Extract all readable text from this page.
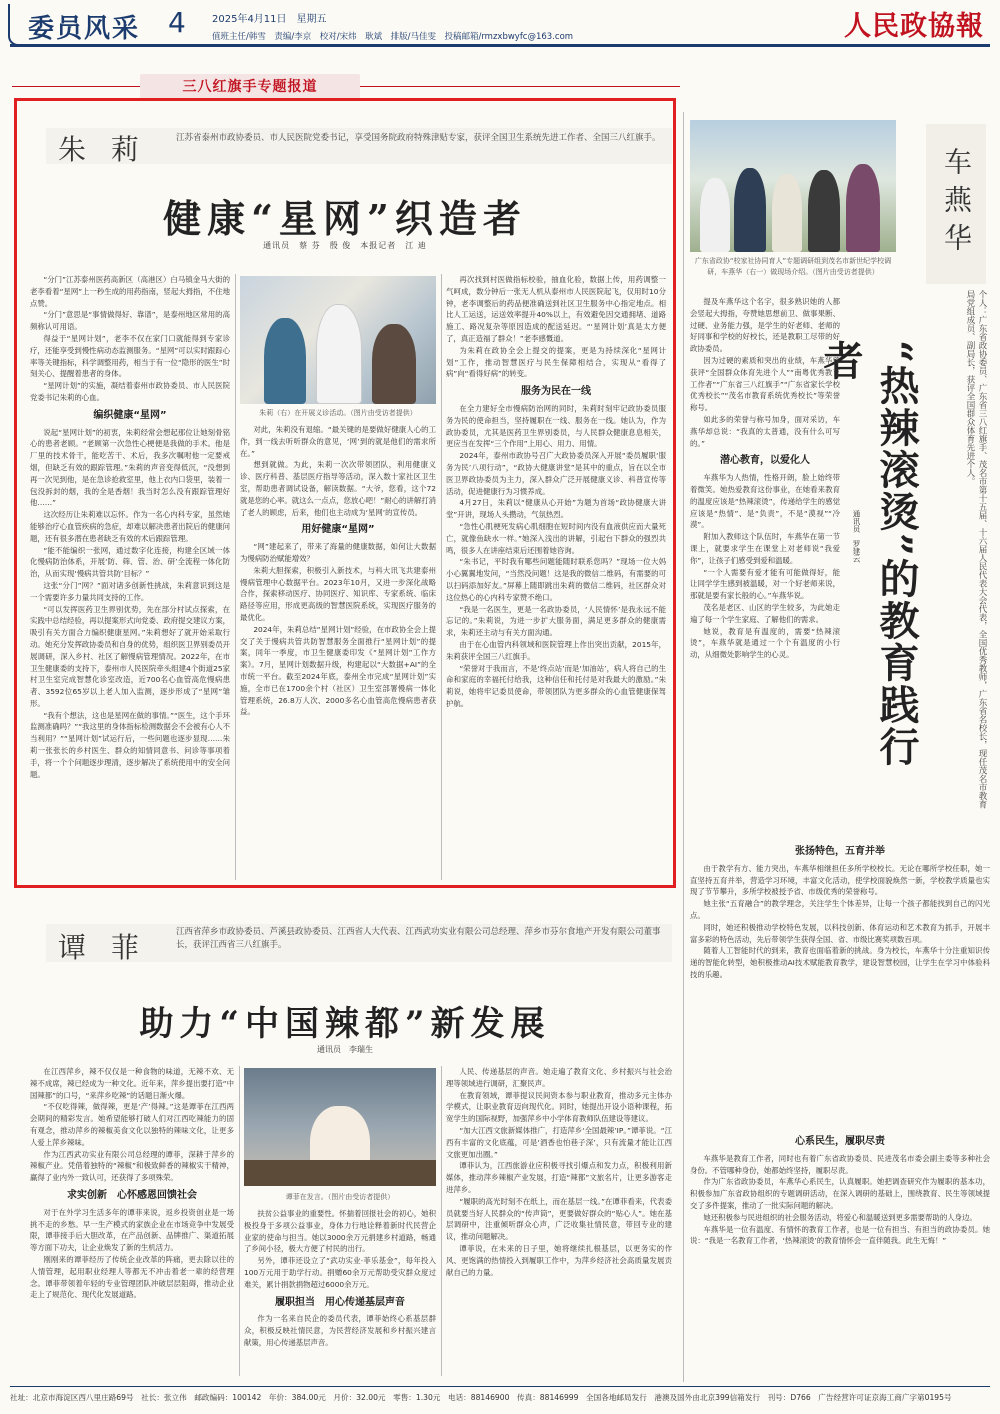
委员风采 4	2025年4月11日　星期五
值班主任/韩雪　责编/李京　校对/宋炜　耿斌　排版/马佳雯　投稿邮箱/rmzxbwyfc@163.com	人民政協報
三八红旗手专题报道
朱 莉	江苏省泰州市政协委员、市人民医院党委书记，享受国务院政府特殊津贴专家，获评全国卫生系统先进工作者、全国三八红旗手。
健康“星网”织造者
通讯员　蔡 芬　殷 俊　本报记者　江 迪

“分门”江苏泰州医药高新区（高港区）白马镇金马大街的老李看着“星网”上一秒生成的用药指南，竖起大拇指，不住地点赞。

“分门”意思是“事情做得好、靠谱”，是泰州地区常用的高频称认可用语。

得益于“星网计划”，老李不仅在家门口就能得到专家诊疗，还能享受到慢性病动态监测服务。“星网”可以实时跟踪心率等关键指标，科学调整用药，相当于有一位“隐形的医生”时刻关心、提醒着患者的身体。

“星网计划”的实施，凝结着泰州市政协委员、市人民医院党委书记朱莉的心血。

编织健康“星网”

说起“星网计划”的初衷，朱莉经常会想起那位让她刻骨铭心的患者老顾。“老顾第一次急性心梗便是我做的手术。他是厂里的技术骨干，能吃苦干、术后，我多次嘱咐他一定要戒烟，但缺乏有效的跟踪管理。”朱莉的声音变得低沉，“没想到再一次见到他，是在急诊抢救室里，他上衣内口袋里，装着一包没拆封的烟，我的全是香烟！我当时怎么没有跟踪管理好他……”

这次经历让朱莉难以忘怀。作为一名心内科专家，虽然她能够治疗心血管疾病的急症，却难以解决患者出院后的健康问题，还有很多潜在患者缺乏有效的术后跟踪管理。

“能不能编织一张网，通过数字化连接，构建全区域一体化慢病防治体系，开展‘防、筛、管、治、研’全流程一体化防治，从而实现‘慢病共管共防’目标？”

这张“分门”网？”面对诸多创新性挑战，朱莉意识到这是一个需要许多力量共同支持的工作。

“可以发挥医药卫生界别优势，先在部分村试点探索，在实践中总结经验，再以提案形式向党委、政府提交建议方案，吸引有关方面合力编织健康星网。”朱莉想好了就开始采取行动。她充分发挥政协委员和自身的优势，组织医卫界别委员开展调研，深入乡村、社区了解慢病管理情况。2022年，在市卫生健康委的支持下，泰州市人民医院牵头组建4个街道25家村卫生室完成智慧化诊室改造，近700名心血管高危慢病患者、3592位65岁以上老人加入监测，逐步形成了“星网”雏形。

“我有个想法，这也是星网在做的事情。”“医生，这个手环监测准确吗？”“我这里的身体指标检测数据会不会被有心人不当利用？”“星网计划”试运行后，一些问题也逐步显现……朱莉一张张长的乡村医生、群众的知情同意书、问诊等事项着手，将一个个问题逐步理清，逐步解决了系统使用中的安全问题。

朱莉（右）在开展义诊活动。（图片由受访者提供）

对此，朱莉没有退缩。“最关键的是要做好健康人心的工作，到一线去听听群众的意见，‘网’到的就是他们的需求所在。”

想到就做。为此，朱莉一次次带领团队，利用健康义诊、医疗科普、基层医疗指导等活动，深入数十家社区卫生室，帮助患者调试设备，解读数据。“大爷，您看，这个72就是您的心率。就这么一点点，您放心吧！”耐心的讲解打消了老人的顾虑，后来，他们也主动成为‘星网’的宣传员。

用好健康“星网”

“网”建起来了，带来了海量的健康数据，如何让大数据为慢病防治赋能增效？

朱莉大胆探索，积极引入新技术，与科大讯飞共建泰州慢病管理中心数据平台。2023年10月，又进一步深化战略合作，探索移动医疗、协同医疗、知识库、专家系统、临床路径等应用，形成更高级的智慧医院系统，实现医疗服务的最优化。

2024年，朱莉总结“星网计划”经验，在市政协全会上提交了关于慢病共管共防智慧服务全面推行“星网计划”的提案，同年一季度，市卫生健康委印发《“星网计划”工作方案》。7月，星网计划数据升级，构建起以“大数据+AI”的全市统一平台。截至2024年底，泰州全市完成“星网计划”实施，全市已在1700余个村（社区）卫生室部署慢病一体化管理系统，26.8万人次、2000多名心血管高危慢病患者获益。

再次找到村医做指标校验，抽血化验，数据上传，用药调整一气呵成，数分钟后一张无人机从泰州市人民医院起飞，仅用时10分钟，老李调整后的药品便准确送到社区卫生服务中心指定地点。相比人工运送，运送效率提升40%以上，有效避免因交通拥堵、道路施工、路况复杂等原因造成的配送延迟。“‘星网计划’真是太方便了，真正造福了群众！”老李感慨道。

为朱莉在政协全会上提交的提案，更是为持续深化“星网计划”工作，推动智慧医疗与民生保障相结合，实现从“看得了病”向“看得好病”的转变。

服务为民在一线

在全力建好全市慢病防治网的同时，朱莉时刻牢记政协委员服务为民的使命担当，坚持履职在一线、服务在一线。她认为，作为政协委员，尤其是医药卫生界别委员，与人民群众健康息息相关，更应当在发挥“三个作用”上用心、用力、用情。

2024年，泰州市政协号召广大政协委员深入开展“委员履职‘服务为民’八项行动”，“政协大健康讲堂”是其中的重点，旨在以全市医卫界政协委员为主力，深入群众广泛开展健康义诊、科普宣传等活动，促进健康行为习惯养成。

4月27日，朱莉以“健康从心开始”为题为首场“政协健康大讲堂”开讲，现场人头攒动，气氛热烈。

“急性心肌梗死发病心肌细胞在短时间内没有血液供应而大量死亡，就像鱼缺水一样。”她深入浅出的讲解，引起台下群众的强烈共鸣，很多人在讲座结束后还围着她咨询。

“朱书记，平时我有哪些问题能随时联系您吗？”现场一位大妈小心翼翼地发问，“当然没问题！这是我的微信二维码，有需要的可以扫码添加好友。”屏幕上随即跳出朱莉的微信二维码，社区群众对这位热心的心内科专家赞不绝口。

“我是一名医生，更是一名政协委员，‘人民情怀’是我永远不能忘记的。”朱莉说，为进一步扩大服务面，满足更多群众的健康需求，朱莉还主动与有关方面沟通。

由于在心血管内科领域和医院管理上作出突出贡献，2015年，朱莉获评全国三八红旗手。

“荣誉对于我而言，不是‘终点站’而是‘加油站’，病人将自己的生命和家庭的幸福托付给我，这种信任和托付是对我最大的激励。”朱莉说，她将牢记委员使命，带领团队为更多群众的心血管健康保驾护航。

广东省政协“校家社协同育人”专题调研组到茂名市新世纪学校调研，车燕华（右一）做现场介绍。（图片由受访者提供）
车燕华
个人：广东省政协委员、广东省三八红旗手、茂名市第十五届、十六届人民代表大会代表，全国优秀教师，广东省名校长，现任茂名市教育局党组成员、副局长，获评全国群众体育先进个人。
“热辣滚烫”的教育践行者
通讯员　罗建云

提及车燕华这个名字，很多熟识她的人都会竖起大拇指，夸赞她思想前卫、做事果断、过硬、业务能力强，是学生的好老师、老师的好同事和学校的好校长，还是教职工尽带的好政协委员。

因为过硬的素质和突出的业绩，车燕华曾获评“全国群众体育先进个人”“南粤优秀教育工作者”“广东省三八红旗手”“广东省家长学校优秀校长”“茂名市教育系统优秀校长”等荣誉称号。

如此多的荣誉与称号加身，面对采访，车燕华却总说：“我真的太普通，没有什么可写的。”

潜心教育，以爱化人

车燕华为人热情，性格开朗，脸上始终带着微笑。她热爱教育这份事业，在她看来教育的温度应该是“热辣滚烫”，传递给学生的感觉应该是“热情”、是“负责”，不是“漠视”“冷漠”。

附加入教师这个队伍时，车燕华在第一节课上，就要求学生在课堂上对老师说“我爱你”，让孩子们感受到爱和温暖。

“一个人需要有爱才能有可能做得好，能让同学学生感到被温暖，对一个好老师来说，那就是要有家长般的心。”车燕华说。

茂名是老区、山区的学生较多，为此她走遍了每一个学生家庭、了解他们的需求。

她说，教育是有温度的，需要“热辣滚烫”，车燕华就是通过一个个有温度的小行动，从细微处影响学生的心灵。

张扬特色，五育并举

由于教学有方、能力突出，车燕华相继担任多所学校校长。无论在哪所学校任职，她一直坚持五育并举，营造学习环境，丰富文化活动，使学校面貌焕然一新，学校教学质量也实现了节节攀升，多所学校被授予省、市级优秀的荣誉称号。

她主张“五育融合”的教学理念，关注学生个体差异，让每一个孩子都能找到自己的闪光点。

同时，她还积极推动学校特色发展，以科技创新、体育运动和艺术教育为抓手，开展丰富多彩的特色活动，先后带领学生获得全国、省、市级比赛奖项数百项。

随着人工智能时代的到来，教育也面临着新的挑战。身为校长，车燕华十分注重知识传递的智能化转型，她积极推动AI技术赋能教育教学，建设智慧校园，让学生在学习中体验科技的乐趣。

心系民生，履职尽责

车燕华是教育工作者，同时也有着广东省政协委员、民进茂名市委会副主委等多种社会身份。不管哪种身份，她都始终坚持，履职尽责。

作为广东省政协委员，车燕华心系民生，认真履职。她把调查研究作为履职的基本功，积极参加广东省政协组织的专题调研活动，在深入调研的基础上，围绕教育、民生等领域提交了多件提案，推动了一批实际问题的解决。

她还积极参与民进组织的社会服务活动，将爱心和温暖送到更多需要帮助的人身边。

车燕华是一位有温度、有情怀的教育工作者，也是一位有担当、有担当的政协委员。她说：“我是一名教育工作者，‘热辣滚烫’的教育情怀会一直伴随我。此生无悔！”

谭 菲	江西省萍乡市政协委员、芦溪县政协委员、江西省人大代表、江西武功实业有限公司总经理、萍乡市芬尔食地产开发有限公司董事长，获评江西省三八红旗手。
助力“中国辣都”新发展
通讯员　李瑞生

在江西萍乡，辣不仅仅是一种食物的味道，无辣不欢、无辣不成席，辣已经成为一种文化。近年来，萍乡提出要打造“中国辣都”的口号，“来萍乡吃辣”的话题日渐火爆。

“不仅吃得辣，做得辣，更是‘产’得辣。”这是谭菲在江西两会期间的精彩发言。她希望能够打破人们对江西吃辣能力的固有观念，推动萍乡的辣椒美食文化以独特的辣味文化，让更多人爱上萍乡辣味。

作为江西武功实业有限公司总经理的谭菲，深耕于萍乡的辣椒产业。凭借着独特的“辣椒”和极致鲜香的辣椒实干精神，赢得了业内外一致认可，还获得了多项殊荣。

求实创新　心怀感恩回馈社会

对于在外学习生活多年的谭菲来说，返乡投资创业是一场挑不走的乡愁。早一生产模式的家族企业在市场竞争中发展受限，谭菲接手后大胆改革，在产品创新、品牌推广、渠道拓展等方面下功夫，让企业焕发了新的生机活力。

刚刚来的谭菲经历了传统企业改革的阵痛，更去除以往的人情管理，起用职业经理人等都无不冲击着老一辈的经营理念。谭菲带领着年轻的专业管理团队冲破层层阻碍，推动企业走上了规范化、现代化发展道路。

谭菲在发言。（图片由受访者提供）

扶贫公益事业的重要性。怀揣着回报社会的初心，她积极投身于多项公益事业，身体力行地诠释着新时代民营企业家的使命与担当。她以3000余万元捐建乡村道路，畅通了乡间小径，极大方便了村民的出行。

另外，谭菲还设立了“武功实业·菲乐基金”，每年投入100万元用于助学行动。捐赠60余万元帮助受灾群众度过难关，累计捐款捐物超过6000余万元。

履职担当　用心传递基层声音

作为一名来自民企的委员代表，谭菲始终心系基层群众，积极反映社情民意，为民营经济发展和乡村振兴建言献策，用心传递基层声音。

人民、传递基层的声音。她走遍了教育文化、乡村振兴与社会治理等领域进行调研，汇聚民声。

在教育领域，谭菲提议民间资本参与职业教育，推动多元主体办学模式，让职业教育迈向现代化。同时，她提出开设小语种课程，拓宽学生的国际视野，加强萍乡中小学体育教师队伍建设等建议。

“加大江西文旅新媒体推广，打造萍乡‘全国最辣’IP。”谭菲说。“江西有丰富的文化底蕴，可是‘酒香也怕巷子深’，只有流量才能让江西文旅更加出圈。”

谭菲认为，江西旅游业应积极寻找引爆点和发力点，积极利用新媒体，推动萍乡辣椒产业发展，打造“辣都”文旅名片，让更多游客走进萍乡。

“履职的高光时刻不在纸上，而在基层一线。”在谭菲看来，代表委员就要当好人民群众的“传声筒”，更要做好群众的“贴心人”。她在基层调研中，注重倾听群众心声，广泛收集社情民意，带回专业的建议，推动问题解决。

谭菲说，在未来的日子里，她将继续扎根基层，以更务实的作风、更饱满的热情投入到履职工作中，为萍乡经济社会高质量发展贡献自己的力量。

社址：北京市海淀区西八里庄路69号　社长：张立伟　邮政编码：100142　年价：384.00元　月价：32.00元　零售：1.30元　电话：88146900　传真：88146999　全国各地邮局发行　港澳及国外由北京399信箱发行　刊号：D766　广告经营许可证京海工商广字第0195号
